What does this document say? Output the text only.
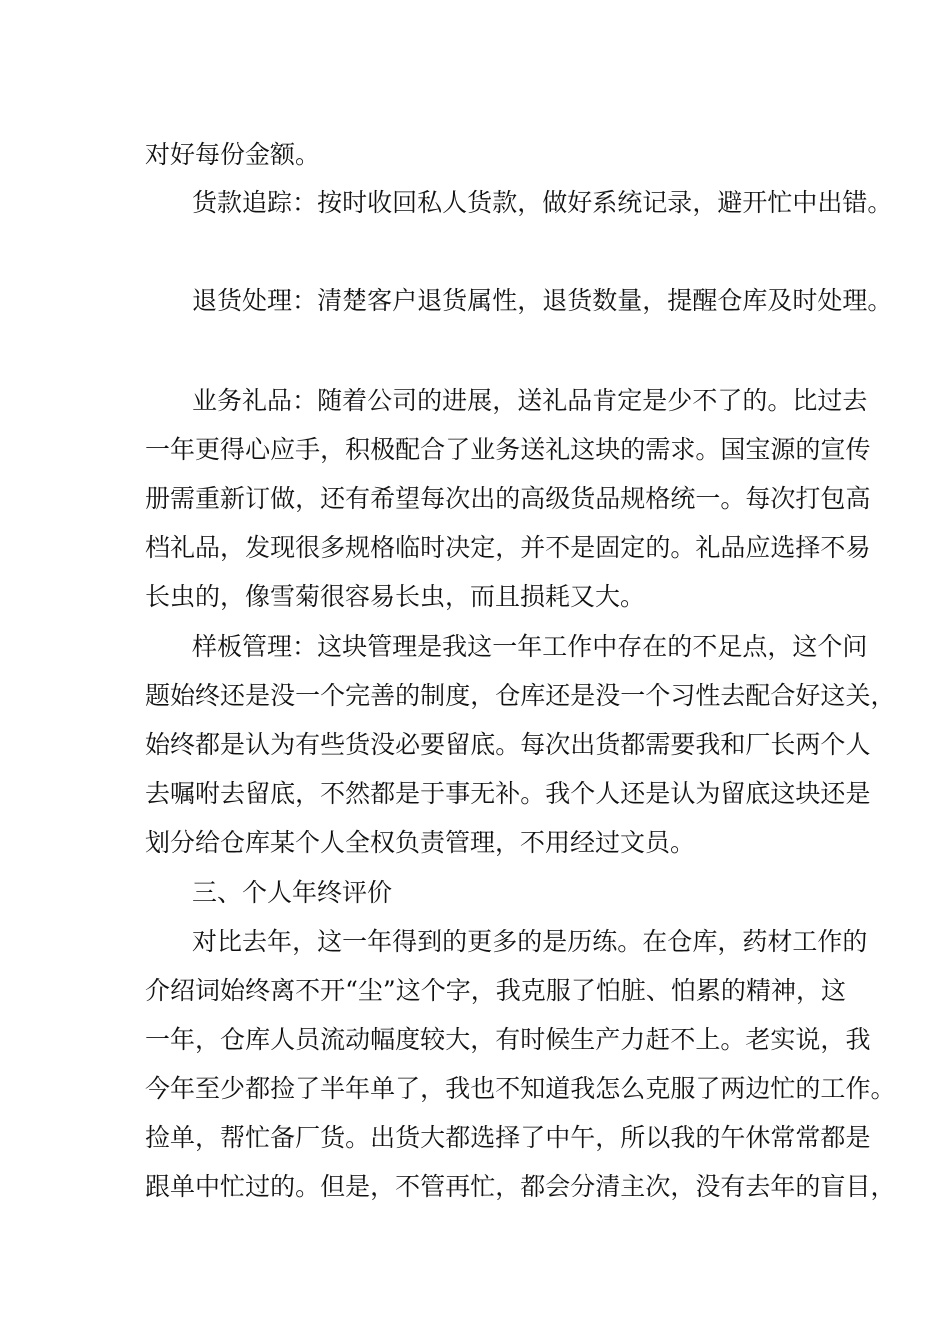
对好每份金额。
货 款 追 踪 ： 按 时 收 回 私 人 货 款 ， 做 好 系 统 记 录 ， 避 开 忙 中 出 错 。
退 货 处 理 ： 清 楚 客 户 退 货 属 性 ， 退 货 数 量 ， 提 醒 仓 库 及 时 处 理 。
业 务 礼 品 ： 随 着 公 司 的 进 展 ， 送 礼 品 肯 定 是 少 不 了 的 。 比 过 去
一 年 更 得 心 应 手 ， 积 极 配 合 了 业 务 送 礼 这 块 的 需 求 。 国 宝 源 的 宣 传
册 需 重 新 订 做 ， 还 有 希 望 每 次 出 的 高 级 货 品 规 格 统 一 。 每 次 打 包 高
档 礼 品 ， 发 现 很 多 规 格 临 时 决 定 ， 并 不 是 固 定 的 。 礼 品 应 选 择 不 易
长虫的，像雪菊很容易长虫，而且损耗又大。
样 板 管 理 ： 这 块 管 理 是 我 这 一 年 工 作 中 存 在 的 不 足 点 ， 这 个 问
题 始 终 还 是 没 一 个 完 善 的 制 度 ， 仓 库 还 是 没 一 个 习 性 去 配 合 好 这 关 ，
始 终 都 是 认 为 有 些 货 没 必 要 留 底 。 每 次 出 货 都 需 要 我 和 厂 长 两 个 人
去 嘱 咐 去 留 底 ， 不 然 都 是 于 事 无 补 。 我 个 人 还 是 认 为 留 底 这 块 还 是
划分给仓库某个人全权负责管理，不用经过文员。
三、个人年终评价
对 比 去 年 ， 这 一 年 得 到 的 更 多 的 是 历 练 。 在 仓 库 ， 药 材 工 作 的
介 绍 词 始 终 离 不 开 “ 尘 ” 这 个 字 ， 我 克 服 了 怕 脏 、 怕 累 的 精 神 ， 这
一 年 ， 仓 库 人 员 流 动 幅 度 较 大 ， 有 时 候 生 产 力 赶 不 上 。 老 实 说 ， 我
今 年 至 少 都 捡 了 半 年 单 了 ， 我 也 不 知 道 我 怎 么 克 服 了 两 边 忙 的 工 作 。
捡 单 ， 帮 忙 备 厂 货 。 出 货 大 都 选 择 了 中 午 ， 所 以 我 的 午 休 常 常 都 是
跟 单 中 忙 过 的 。 但 是 ， 不 管 再 忙 ， 都 会 分 清 主 次 ， 没 有 去 年 的 盲 目 ，
